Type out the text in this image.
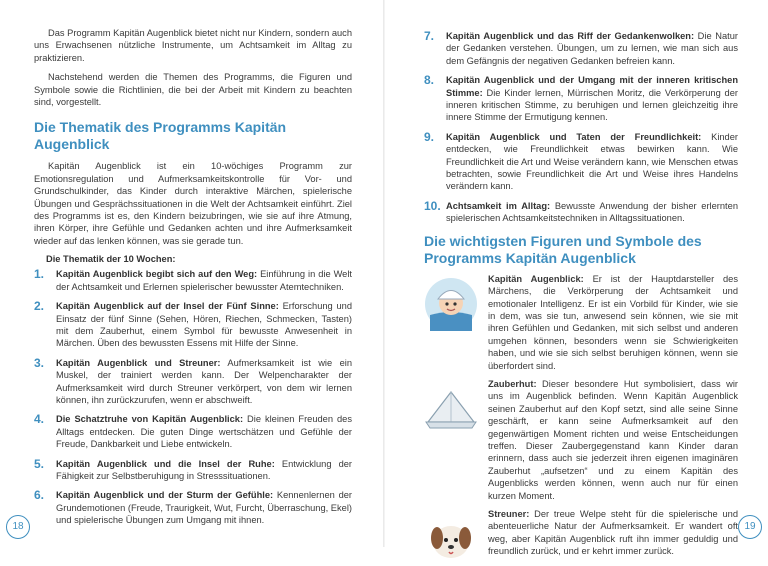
Das Programm Kapitän Augenblick bietet nicht nur Kindern, sondern auch uns Erwachsenen nützliche Instrumente, um Achtsamkeit im Alltag zu praktizieren.

Nachstehend werden die Themen des Programms, die Figuren und Symbole sowie die Richtlinien, die bei der Arbeit mit Kindern zu beachten sind, vorgestellt.

Die Thematik des Programms Kapitän Augenblick

Kapitän Augenblick ist ein 10-wöchiges Programm zur Emotionsregulation und Aufmerksamkeitskontrolle für Vor- und Grundschulkinder, das Kinder durch interaktive Märchen, spielerische Übungen und Gesprächssituationen in die Welt der Achtsamkeit einführt. Ziel des Programms ist es, den Kindern beizubringen, wie sie auf ihre Atmung, ihren Körper, ihre Gefühle und Gedanken achten und ihre Aufmerksamkeit wieder auf das lenken können, was sie gerade tun.

Die Thematik der 10 Wochen:

1.	Kapitän Augenblick begibt sich auf den Weg: Einführung in die Welt der Achtsamkeit und Erlernen spielerischer bewusster Atemtechniken.
2.	Kapitän Augenblick auf der Insel der Fünf Sinne: Erforschung und Einsatz der fünf Sinne (Sehen, Hören, Riechen, Schmecken, Tasten) mit dem Zauberhut, einem Symbol für bewusste Anwesenheit in Märchen. Üben des bewussten Essens mit Hilfe der Sinne.
3.	Kapitän Augenblick und Streuner: Aufmerksamkeit ist wie ein Muskel, der trainiert werden kann. Der Welpencharakter der Aufmerksamkeit wird durch Streuner verkörpert, von dem wir lernen können, ihn zurückzurufen, wenn er abschweift.
4.	Die Schatztruhe von Kapitän Augenblick: Die kleinen Freuden des Alltags entdecken. Die guten Dinge wertschätzen und Gefühle der Freude, Dankbarkeit und Liebe entwickeln.
5.	Kapitän Augenblick und die Insel der Ruhe: Entwicklung der Fähigkeit zur Selbstberuhigung in Stresssituationen.
6.	Kapitän Augenblick und der Sturm der Gefühle: Kennenlernen der Grundemotionen (Freude, Traurigkeit, Wut, Furcht, Überraschung, Ekel) und spielerische Übungen zum Umgang mit ihnen.
18
7.	Kapitän Augenblick und das Riff der Gedankenwolken: Die Natur der Gedanken verstehen. Übungen, um zu lernen, wie man sich aus dem Gefängnis der negativen Gedanken befreien kann.
8.	Kapitän Augenblick und der Umgang mit der inneren kritischen Stimme: Die Kinder lernen, Mürrischen Moritz, die Verkörperung der inneren kritischen Stimme, zu beruhigen und lernen gleichzeitig ihre innere Stimme der Ermutigung kennen.
9.	Kapitän Augenblick und Taten der Freundlichkeit: Kinder entdecken, wie Freundlichkeit etwas bewirken kann. Wie Freundlichkeit die Art und Weise verändern kann, wie Menschen etwas betrachten, sowie Freundlichkeit die Art und Weise ihres Handelns verändern kann.
10. Achtsamkeit im Alltag: Bewusste Anwendung der bisher erlernten spielerischen Achtsamkeitstechniken in Alltagssituationen.
Die wichtigsten Figuren und Symbole des Programms Kapitän Augenblick

Kapitän Augenblick: Er ist der Hauptdarsteller des Märchens, die Verkörperung der Achtsamkeit und emotionaler Intelligenz. Er ist ein Vorbild für Kinder, wie sie in dem, was sie tun, anwesend sein können, wie sie mit ihren Gefühlen und Gedanken, mit sich selbst und anderen umgehen können, besonders wenn sie Schwierigkeiten haben, und wie sie sich selbst beruhigen können, wenn sie überfordert sind.

Zauberhut: Dieser besondere Hut symbolisiert, dass wir uns im Augenblick befinden. Wenn Kapitän Augenblick seinen Zauberhut auf den Kopf setzt, sind alle seine Sinne geschärft, er kann seine Aufmerksamkeit auf den gegenwärtigen Moment richten und weise Entscheidungen treffen. Dieser Zaubergegenstand kann Kinder daran erinnern, dass auch sie jederzeit ihren eigenen imaginären Zauberhut „aufsetzen“ und zu einem Kapitän des Augenblicks werden können, wenn auch nur für einen kurzen Moment.

Streuner: Der treue Welpe steht für die spielerische und abenteuerliche Natur der Aufmerksamkeit. Er wandert oft weg, aber Kapitän Augenblick ruft ihn immer geduldig und freundlich zurück, und er kehrt immer zurück.

19
